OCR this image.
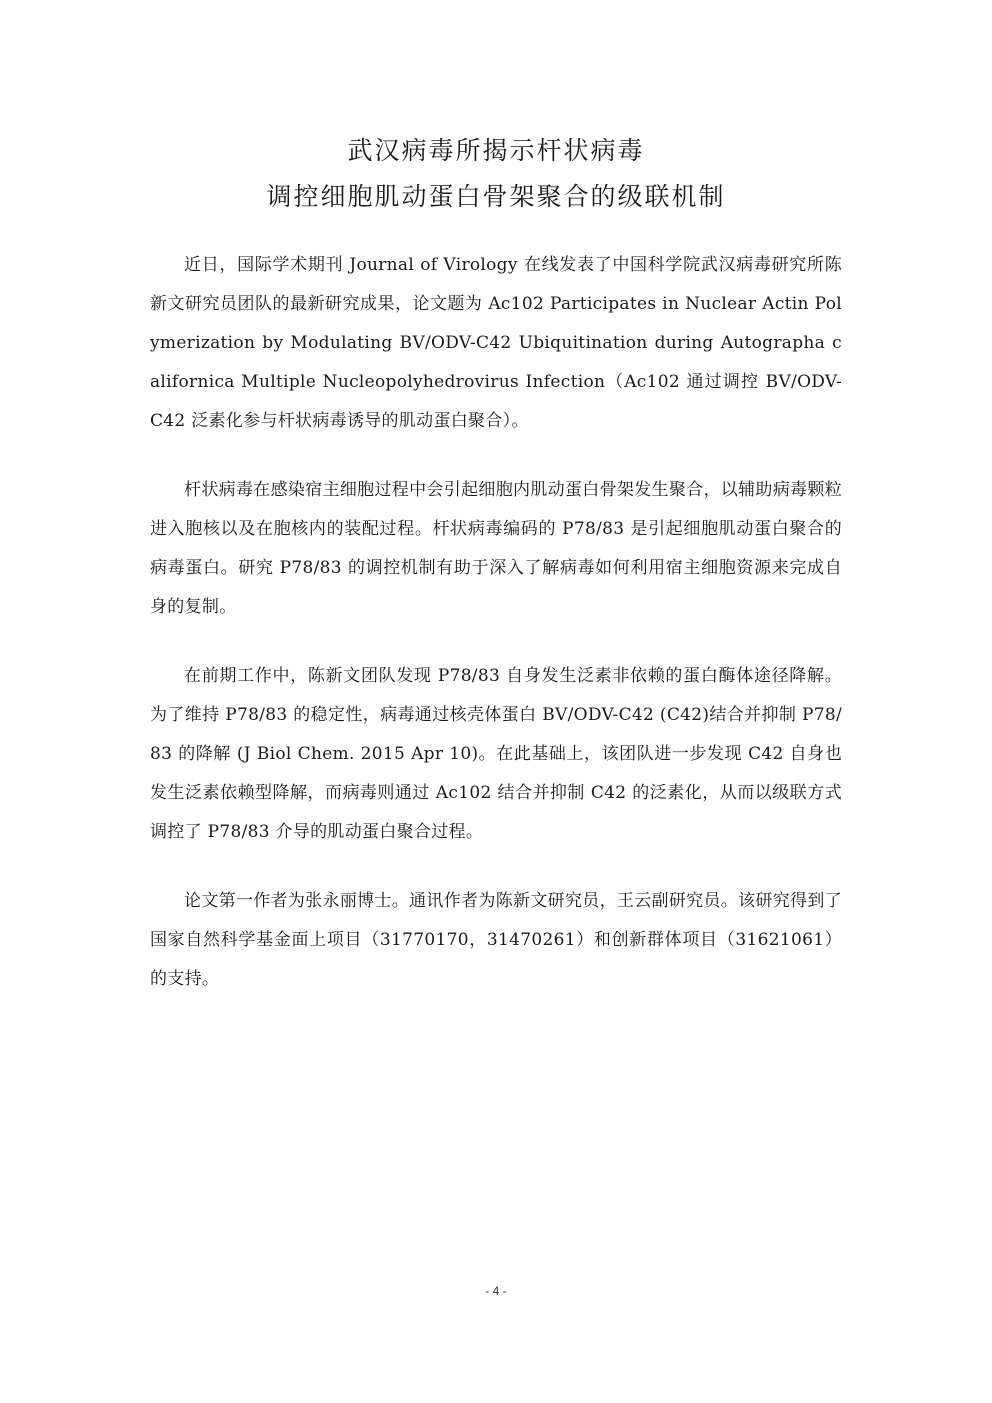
武汉病毒所揭示杆状病毒
调控细胞肌动蛋白骨架聚合的级联机制

近日，国际学术期刊 Journal of Virology 在线发表了中国科学院武汉病毒研究所陈新文研究员团队的最新研究成果，论文题为 Ac102 Participates in Nuclear Actin Polymerization by Modulating BV/ODV-C42 Ubiquitination during Autographa californica Multiple Nucleopolyhedrovirus Infection（Ac102 通过调控 BV/ODV-C42 泛素化参与杆状病毒诱导的肌动蛋白聚合）。

杆状病毒在感染宿主细胞过程中会引起细胞内肌动蛋白骨架发生聚合，以辅助病毒颗粒进入胞核以及在胞核内的装配过程。杆状病毒编码的 P78/83 是引起细胞肌动蛋白聚合的病毒蛋白。研究 P78/83 的调控机制有助于深入了解病毒如何利用宿主细胞资源来完成自身的复制。

在前期工作中，陈新文团队发现 P78/83 自身发生泛素非依赖的蛋白酶体途径降解。为了维持 P78/83 的稳定性，病毒通过核壳体蛋白 BV/ODV-C42 (C42)结合并抑制 P78/83 的降解 (J Biol Chem. 2015 Apr 10)。在此基础上，该团队进一步发现 C42 自身也发生泛素依赖型降解，而病毒则通过 Ac102 结合并抑制 C42 的泛素化，从而以级联方式调控了 P78/83 介导的肌动蛋白聚合过程。

论文第一作者为张永丽博士。通讯作者为陈新文研究员，王云副研究员。该研究得到了国家自然科学基金面上项目（31770170，31470261）和创新群体项目（31621061）的支持。

- 4 -
